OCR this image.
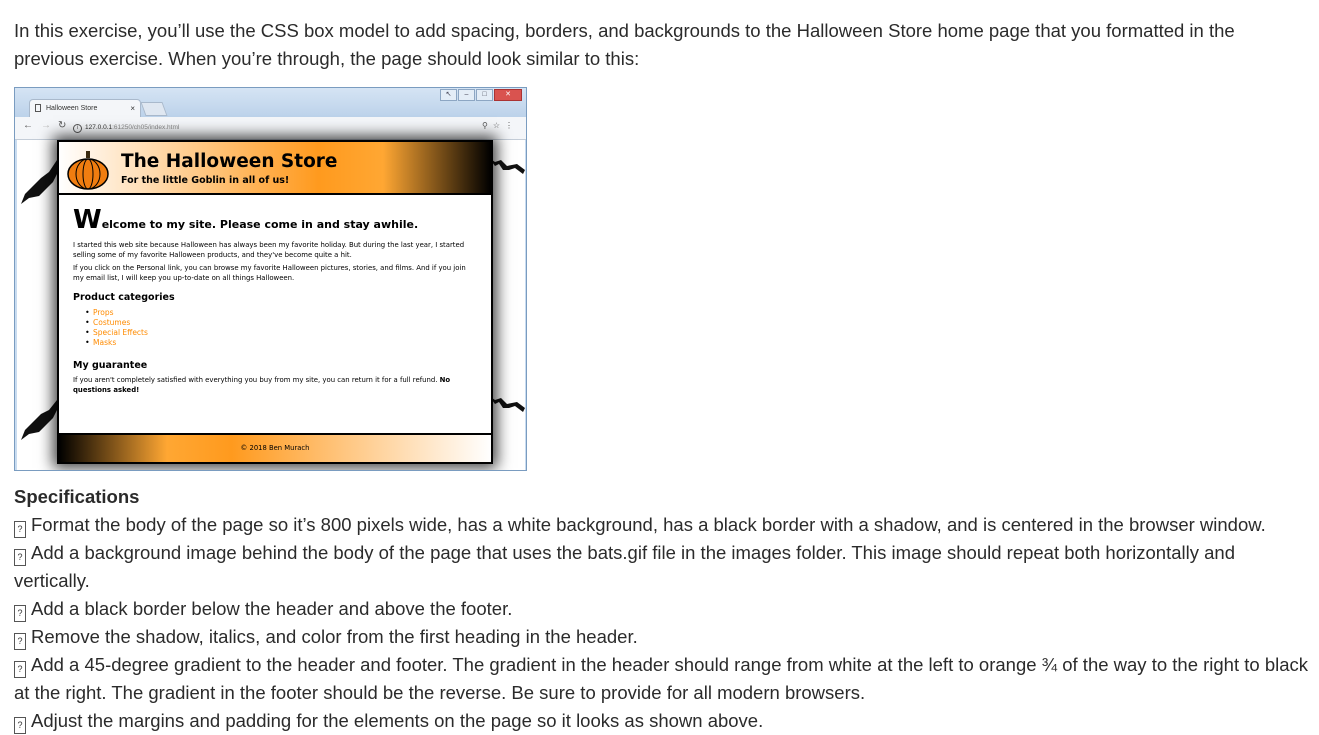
In this exercise, you’ll use the CSS box model to add spacing, borders, and backgrounds to the Halloween Store home page that you formatted in the previous exercise. When you’re through, the page should look similar to this:

↖	–	□	✕
Halloween Store	×
← → ↻	i 127.0.0.1:61250/ch05/index.html	⚲☆⋮
The Halloween Store
For the little Goblin in all of us!

Welcome to my site. Please come in and stay awhile.

I started this web site because Halloween has always been my favorite holiday. But during the last year, I started selling some of my favorite Halloween products, and they've become quite a hit.

If you click on the Personal link, you can browse my favorite Halloween pictures, stories, and films. And if you join my email list, I will keep you up-to-date on all things Halloween.

Product categories

• Props
• Costumes
• Special Effects
• Masks

My guarantee

If you aren't completely satisfied with everything you buy from my site, you can return it for a full refund. No questions asked!

© 2018 Ben Murach

Specifications

? Format the body of the page so it’s 800 pixels wide, has a white background, has a black border with a shadow, and is centered in the browser window.
? Add a background image behind the body of the page that uses the bats.gif file in the images folder. This image should repeat both horizontally and vertically.
? Add a black border below the header and above the footer.
? Remove the shadow, italics, and color from the first heading in the header.
? Add a 45-degree gradient to the header and footer. The gradient in the header should range from white at the left to orange ¾ of the way to the right to black at the right. The gradient in the footer should be the reverse. Be sure to provide for all modern browsers.
? Adjust the margins and padding for the elements on the page so it looks as shown above.
